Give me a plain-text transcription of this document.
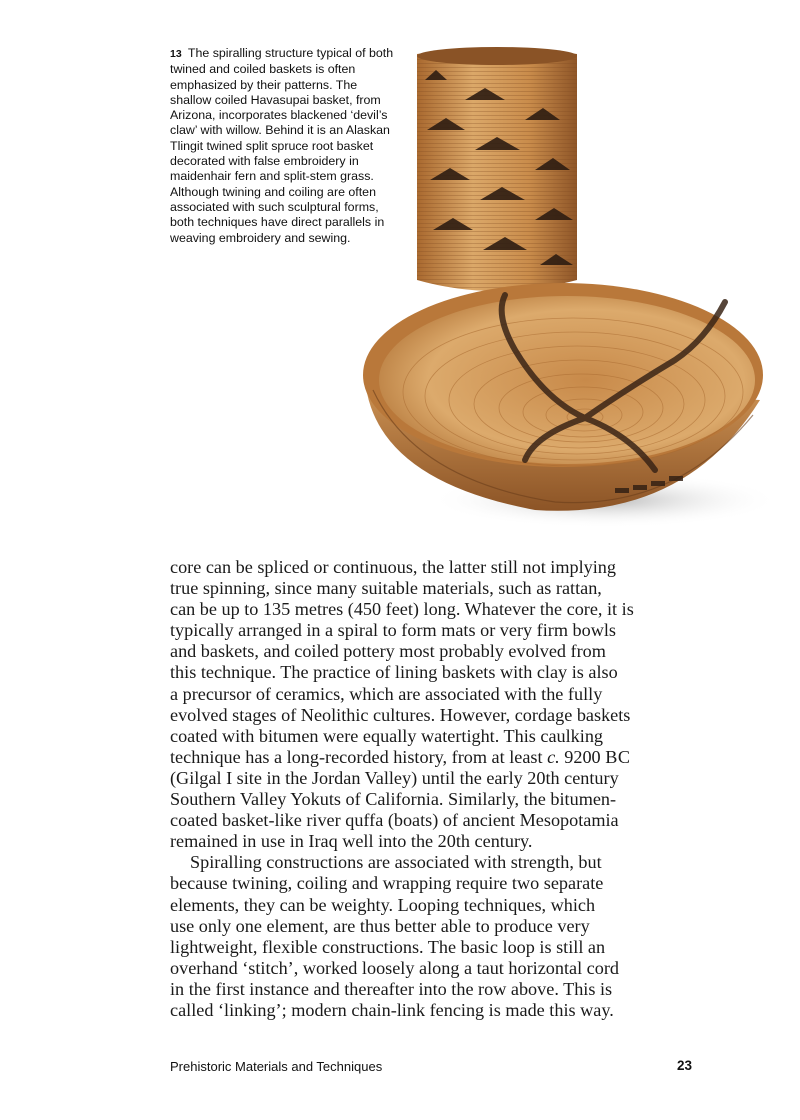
13 The spiralling structure typical of both twined and coiled baskets is often emphasized by their patterns. The shallow coiled Havasupai basket, from Arizona, incorporates blackened ‘devil’s claw’ with willow. Behind it is an Alaskan Tlingit twined split spruce root basket decorated with false embroidery in maidenhair fern and split-stem grass. Although twining and coiling are often associated with such sculptural forms, both techniques have direct parallels in weaving embroidery and sewing.

core can be spliced or continuous, the latter still not implying

true spinning, since many suitable materials, such as rattan,

can be up to 135 metres (450 feet) long. Whatever the core, it is

typically arranged in a spiral to form mats or very firm bowls

and baskets, and coiled pottery most probably evolved from

this technique. The practice of lining baskets with clay is also

a precursor of ceramics, which are associated with the fully

evolved stages of Neolithic cultures. However, cordage baskets

coated with bitumen were equally watertight. This caulking

technique has a long-recorded history, from at least c. 9200 BC

(Gilgal I site in the Jordan Valley) until the early 20th century

Southern Valley Yokuts of California. Similarly, the bitumen-

coated basket-like river quffa (boats) of ancient Mesopotamia

remained in use in Iraq well into the 20th century.

Spiralling constructions are associated with strength, but

because twining, coiling and wrapping require two separate

elements, they can be weighty. Looping techniques, which

use only one element, are thus better able to produce very

lightweight, flexible constructions. The basic loop is still an

overhand ‘stitch’, worked loosely along a taut horizontal cord

in the first instance and thereafter into the row above. This is

called ‘linking’; modern chain-link fencing is made this way.

Prehistoric Materials and Techniques	23
